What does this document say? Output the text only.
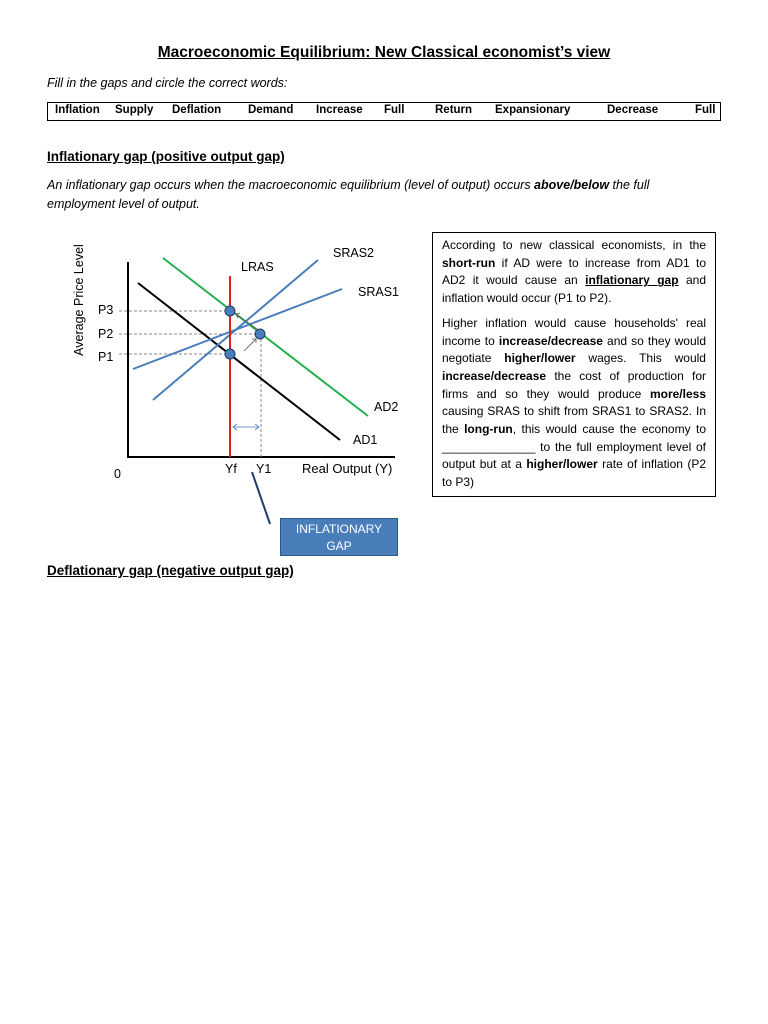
Macroeconomic Equilibrium: New Classical economist’s view
Fill in the gaps and circle the correct words:
Inflation Supply Deflation Demand Increase Full	Return Expansionary	Decrease	Full
Inflationary gap (positive output gap)
An inflationary gap occurs when the macroeconomic equilibrium (level of output) occurs above/below the full employment level of output.
Average Price Level P3
P2
P1
0	Yf Y1 Real Output (Y)
LRAS
SRAS2
SRAS1
AD2
AD1
INFLATIONARY
GAP

According to new classical economists, in the short-run if AD were to increase from AD1 to AD2 it would cause an inflationary gap and inflation would occur (P1 to P2).

Higher inflation would cause households' real income to increase/decrease and so they would negotiate higher/lower wages. This would increase/decrease the cost of production for firms and so they would produce more/less causing SRAS to shift from SRAS1 to SRAS2. In the long-run, this would cause the economy to ______________ to the full employment level of output but at a higher/lower rate of inflation (P2 to P3)

Deflationary gap (negative output gap)
